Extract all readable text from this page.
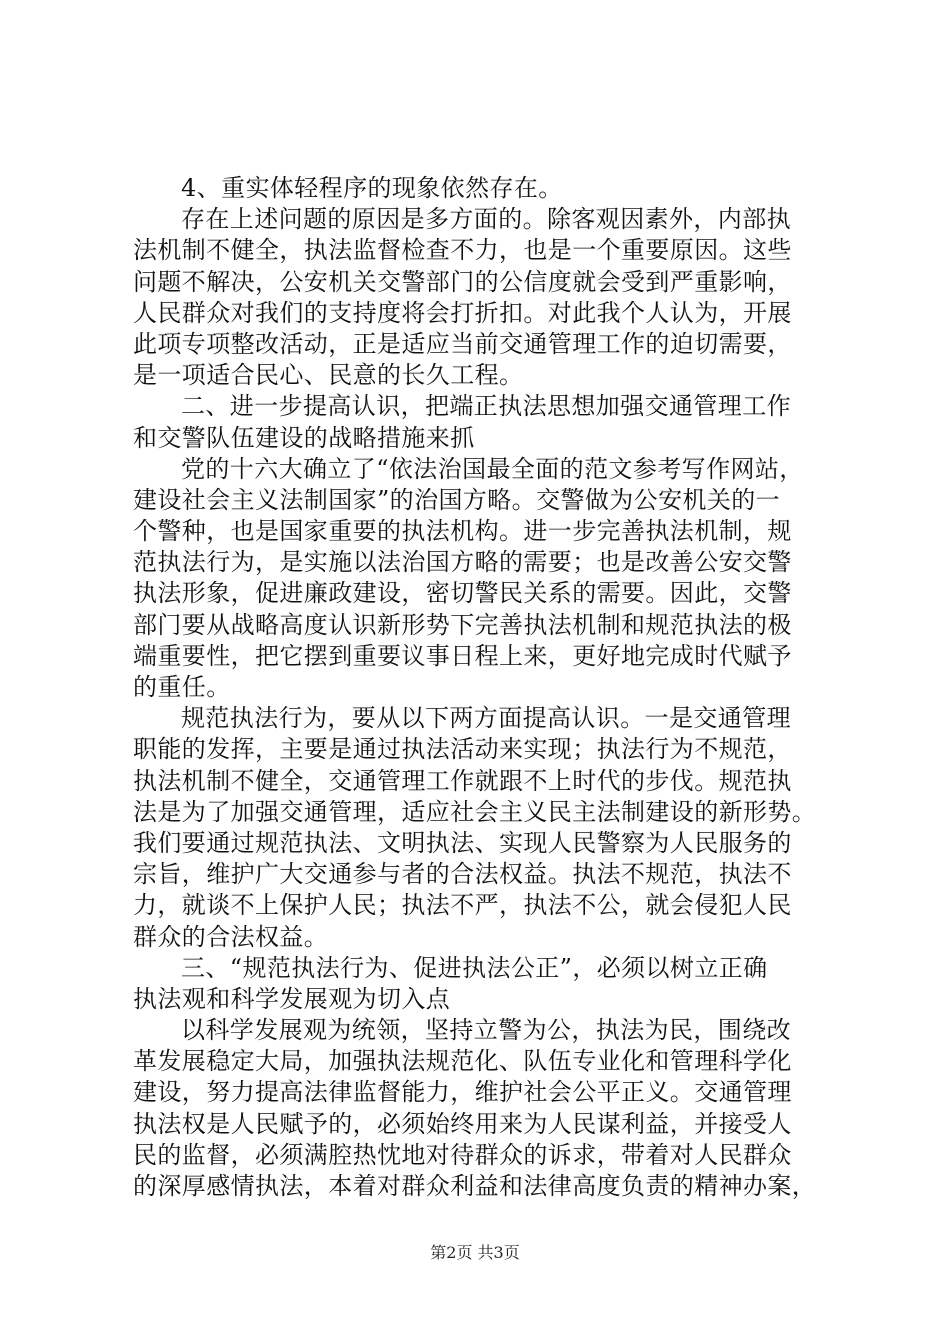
4、重实体轻程序的现象依然存在。
存在上述问题的原因是多方面的。除客观因素外，内部执
法机制不健全，执法监督检查不力，也是一个重要原因。这些
问题不解决，公安机关交警部门的公信度就会受到严重影响，
人民群众对我们的支持度将会打折扣。对此我个人认为，开展
此项专项整改活动，正是适应当前交通管理工作的迫切需要，
是一项适合民心、民意的长久工程。
二、进一步提高认识，把端正执法思想加强交通管理工作
和交警队伍建设的战略措施来抓
党的十六大确立了“依法治国最全面的范文参考写作网站，
建设社会主义法制国家”的治国方略。交警做为公安机关的一
个警种，也是国家重要的执法机构。进一步完善执法机制，规
范执法行为，是实施以法治国方略的需要；也是改善公安交警
执法形象，促进廉政建设，密切警民关系的需要。因此，交警
部门要从战略高度认识新形势下完善执法机制和规范执法的极
端重要性，把它摆到重要议事日程上来，更好地完成时代赋予
的重任。
规范执法行为，要从以下两方面提高认识。一是交通管理
职能的发挥，主要是通过执法活动来实现；执法行为不规范，
执法机制不健全，交通管理工作就跟不上时代的步伐。规范执
法是为了加强交通管理，适应社会主义民主法制建设的新形势。
我们要通过规范执法、文明执法、实现人民警察为人民服务的
宗旨，维护广大交通参与者的合法权益。执法不规范，执法不
力，就谈不上保护人民；执法不严，执法不公，就会侵犯人民
群众的合法权益。
三、“规范执法行为、促进执法公正”，必须以树立正确
执法观和科学发展观为切入点
以科学发展观为统领，坚持立警为公，执法为民，围绕改
革发展稳定大局，加强执法规范化、队伍专业化和管理科学化
建设，努力提高法律监督能力，维护社会公平正义。交通管理
执法权是人民赋予的，必须始终用来为人民谋利益，并接受人
民的监督，必须满腔热忱地对待群众的诉求，带着对人民群众
的深厚感情执法，本着对群众利益和法律高度负责的精神办案，
第2页 共3页
